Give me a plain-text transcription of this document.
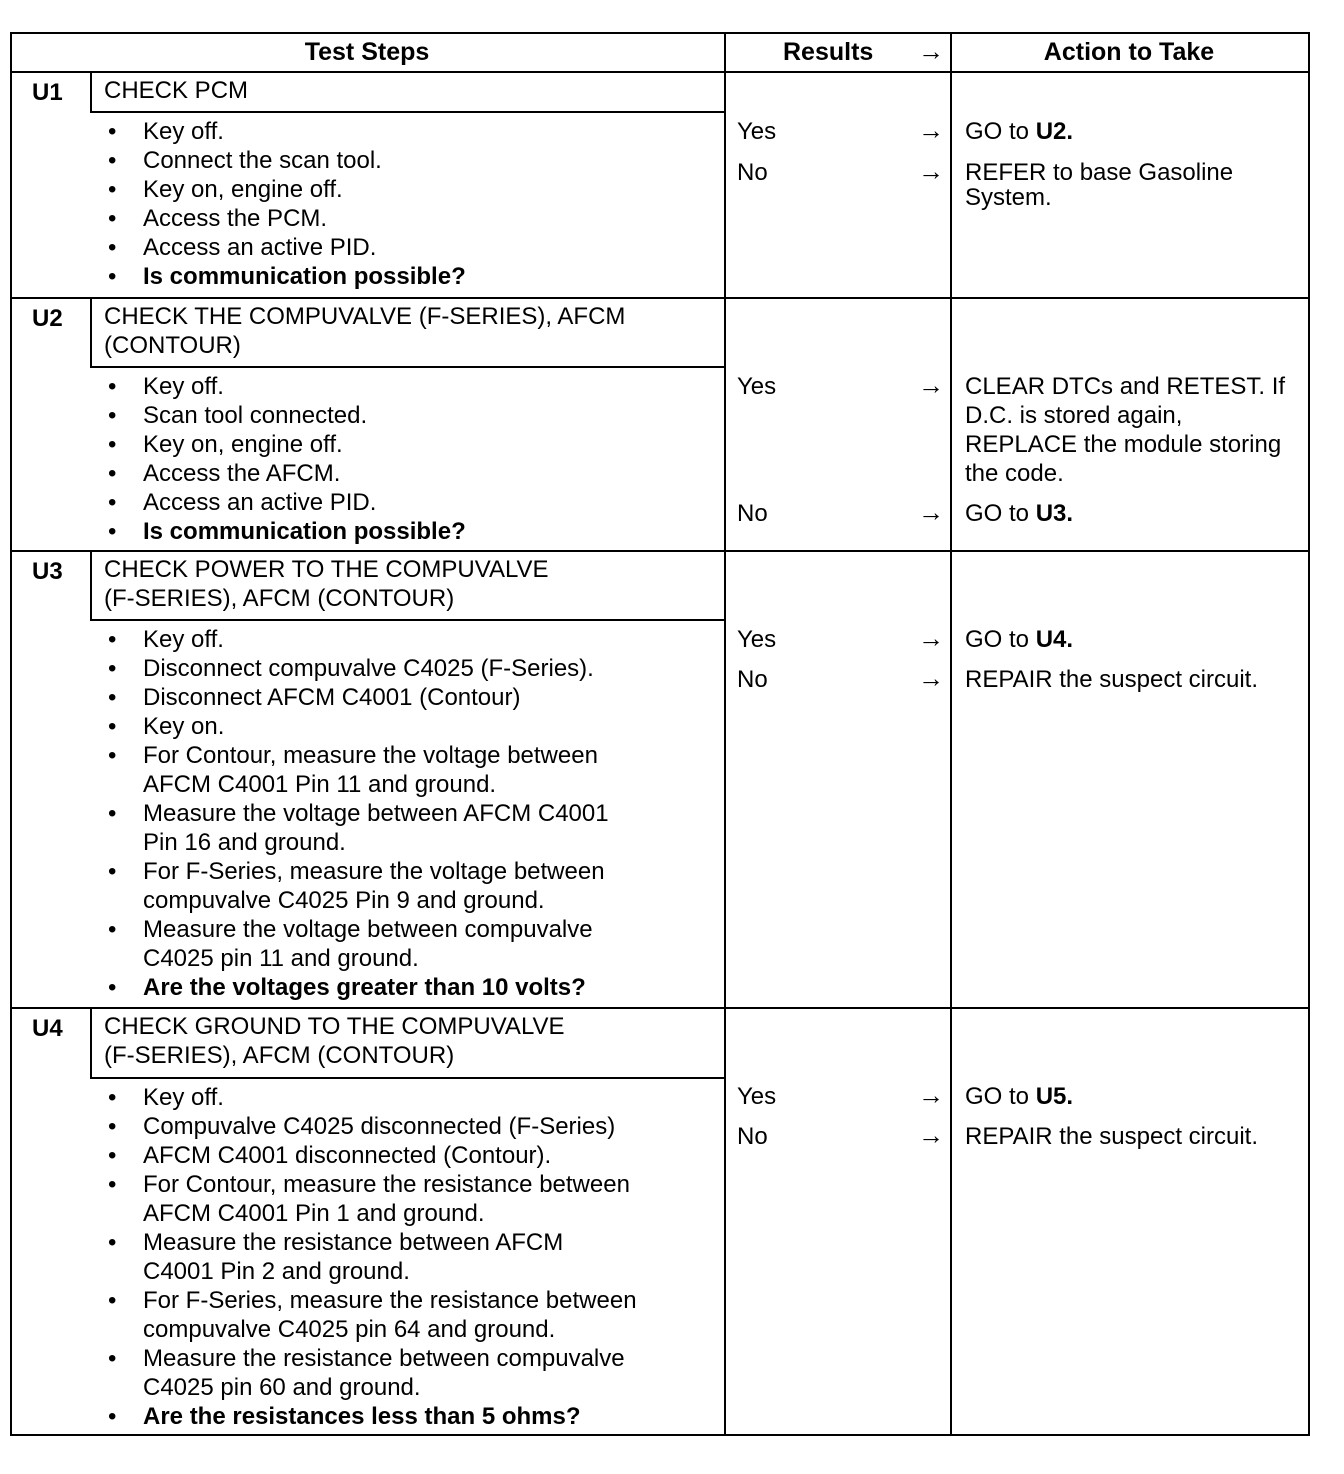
Test Steps	Results →	Action to Take
U1 CHECK PCM
• Key off.
• Connect the scan tool.
• Key on, engine off.
• Access the PCM.
• Access an active PID.
• Is communication possible?
Yes	→ GO to U2.
No	→ REFER to base Gasoline
System.
U2 CHECK THE COMPUVALVE (F-SERIES), AFCM
(CONTOUR)
• Key off.
• Scan tool connected.
• Key on, engine off.
• Access the AFCM.
• Access an active PID.
• Is communication possible?
Yes	→ CLEAR DTCs and RETEST. If
D.C. is stored again,
REPLACE the module storing
the code.
No	→ GO to U3.
U3 CHECK POWER TO THE COMPUVALVE
(F-SERIES), AFCM (CONTOUR)
• Key off.
• Disconnect compuvalve C4025 (F-Series).
• Disconnect AFCM C4001 (Contour)
• Key on.
• For Contour, measure the voltage between
AFCM C4001 Pin 11 and ground.
• Measure the voltage between AFCM C4001
Pin 16 and ground.
• For F-Series, measure the voltage between
compuvalve C4025 Pin 9 and ground.
• Measure the voltage between compuvalve
C4025 pin 11 and ground.
• Are the voltages greater than 10 volts?
Yes	→ GO to U4.
No	→ REPAIR the suspect circuit.
U4 CHECK GROUND TO THE COMPUVALVE
(F-SERIES), AFCM (CONTOUR)
• Key off.
• Compuvalve C4025 disconnected (F-Series)
• AFCM C4001 disconnected (Contour).
• For Contour, measure the resistance between
AFCM C4001 Pin 1 and ground.
• Measure the resistance between AFCM
C4001 Pin 2 and ground.
• For F-Series, measure the resistance between
compuvalve C4025 pin 64 and ground.
• Measure the resistance between compuvalve
C4025 pin 60 and ground.
• Are the resistances less than 5 ohms?
Yes	→ GO to U5.
No	→ REPAIR the suspect circuit.
